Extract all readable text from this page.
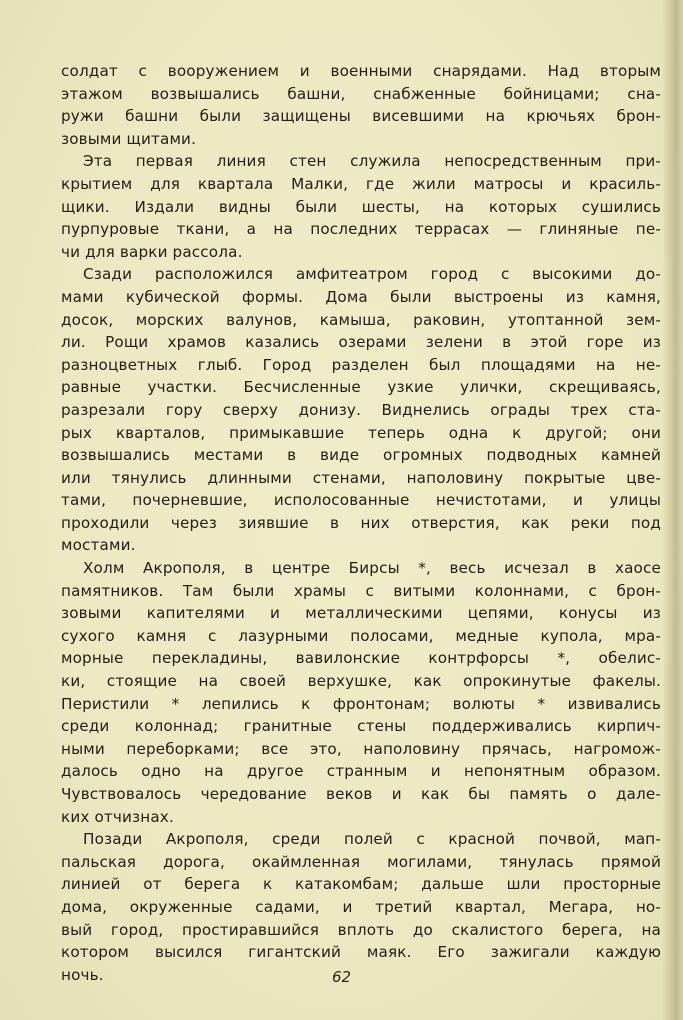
солдат с вооружением и военными снарядами. Над вторым
этажом возвышались башни, снабженные бойницами; сна-
ружи башни были защищены висевшими на крючьях брон-
зовыми щитами.

Эта первая линия стен служила непосредственным при-
крытием для квартала Малки, где жили матросы и красиль-
щики. Издали видны были шесты, на которых сушились
пурпуровые ткани, а на последних террасах — глиняные пе-
чи для варки рассола.

Сзади расположился амфитеатром город с высокими до-
мами кубической формы. Дома были выстроены из камня,
досок, морских валунов, камыша, раковин, утоптанной зем-
ли. Рощи храмов казались озерами зелени в этой горе из
разноцветных глыб. Город разделен был площадями на не-
равные участки. Бесчисленные узкие улички, скрещиваясь,
разрезали гору сверху донизу. Виднелись ограды трех ста-
рых кварталов, примыкавшие теперь одна к другой; они
возвышались местами в виде огромных подводных камней
или тянулись длинными стенами, наполовину покрытые цве-
тами, почерневшие, исполосованные нечистотами, и улицы
проходили через зиявшие в них отверстия, как реки под
мостами.

Холм Акрополя, в центре Бирсы *, весь исчезал в хаосе
памятников. Там были храмы с витыми колоннами, с брон-
зовыми капителями и металлическими цепями, конусы из
сухого камня с лазурными полосами, медные купола, мра-
морные перекладины, вавилонские контрфорсы *, обелис-
ки, стоящие на своей верхушке, как опрокинутые факелы.
Перистили * лепились к фронтонам; волюты * извивались
среди колоннад; гранитные стены поддерживались кирпич-
ными переборками; все это, наполовину прячась, нагромож-
далось одно на другое странным и непонятным образом.
Чувствовалось чередование веков и как бы память о дале-
ких отчизнах.

Позади Акрополя, среди полей с красной почвой, мап-
пальская дорога, окаймленная могилами, тянулась прямой
линией от берега к катакомбам; дальше шли просторные
дома, окруженные садами, и третий квартал, Мегара, но-
вый город, простиравшийся вплоть до скалистого берега, на
котором высился гигантский маяк. Его зажигали каждую
ночь.	62
